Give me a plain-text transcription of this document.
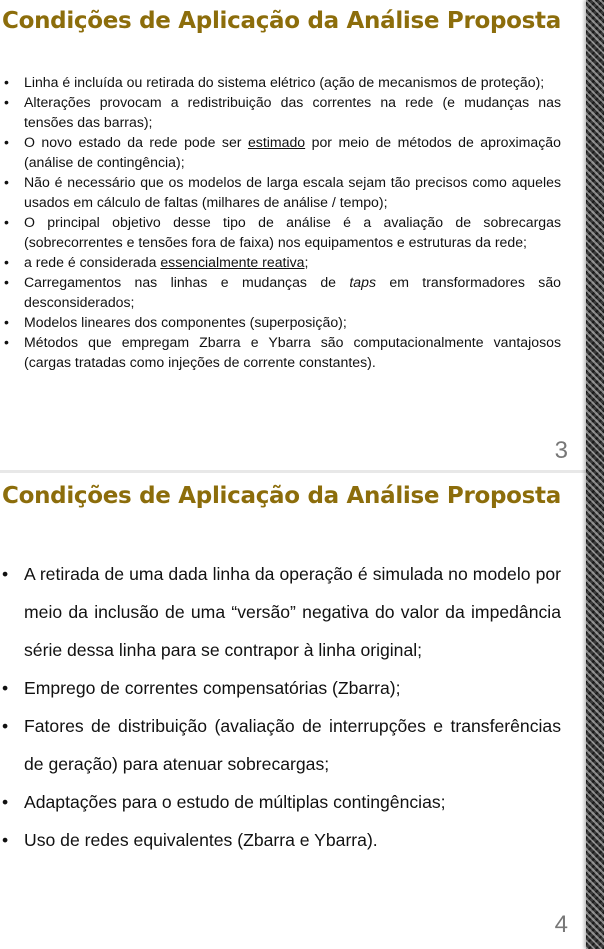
Condições de Aplicação da Análise Proposta
• Linha é incluída ou retirada do sistema elétrico (ação de mecanismos de proteção);
• Alterações provocam a redistribuição das correntes na rede (e mudanças nas tensões das barras);
• O novo estado da rede pode ser estimado por meio de métodos de aproximação (análise de contingência);
• Não é necessário que os modelos de larga escala sejam tão precisos como aqueles usados em cálculo de faltas (milhares de análise / tempo);
• O principal objetivo desse tipo de análise é a avaliação de sobrecargas (sobrecorrentes e tensões fora de faixa) nos equipamentos e estruturas da rede;
• a rede é considerada essencialmente reativa;
• Carregamentos nas linhas e mudanças de taps em transformadores são desconsiderados;
• Modelos lineares dos componentes (superposição);
• Métodos que empregam Zbarra e Ybarra são computacionalmente vantajosos (cargas tratadas como injeções de corrente constantes).
3
Condições de Aplicação da Análise Proposta
• A retirada de uma dada linha da operação é simulada no modelo por meio da inclusão de uma “versão” negativa do valor da impedância série dessa linha para se contrapor à linha original;
• Emprego de correntes compensatórias (Zbarra);
• Fatores de distribuição (avaliação de interrupções e transferências de geração) para atenuar sobrecargas;
• Adaptações para o estudo de múltiplas contingências;
• Uso de redes equivalentes (Zbarra e Ybarra).
4
